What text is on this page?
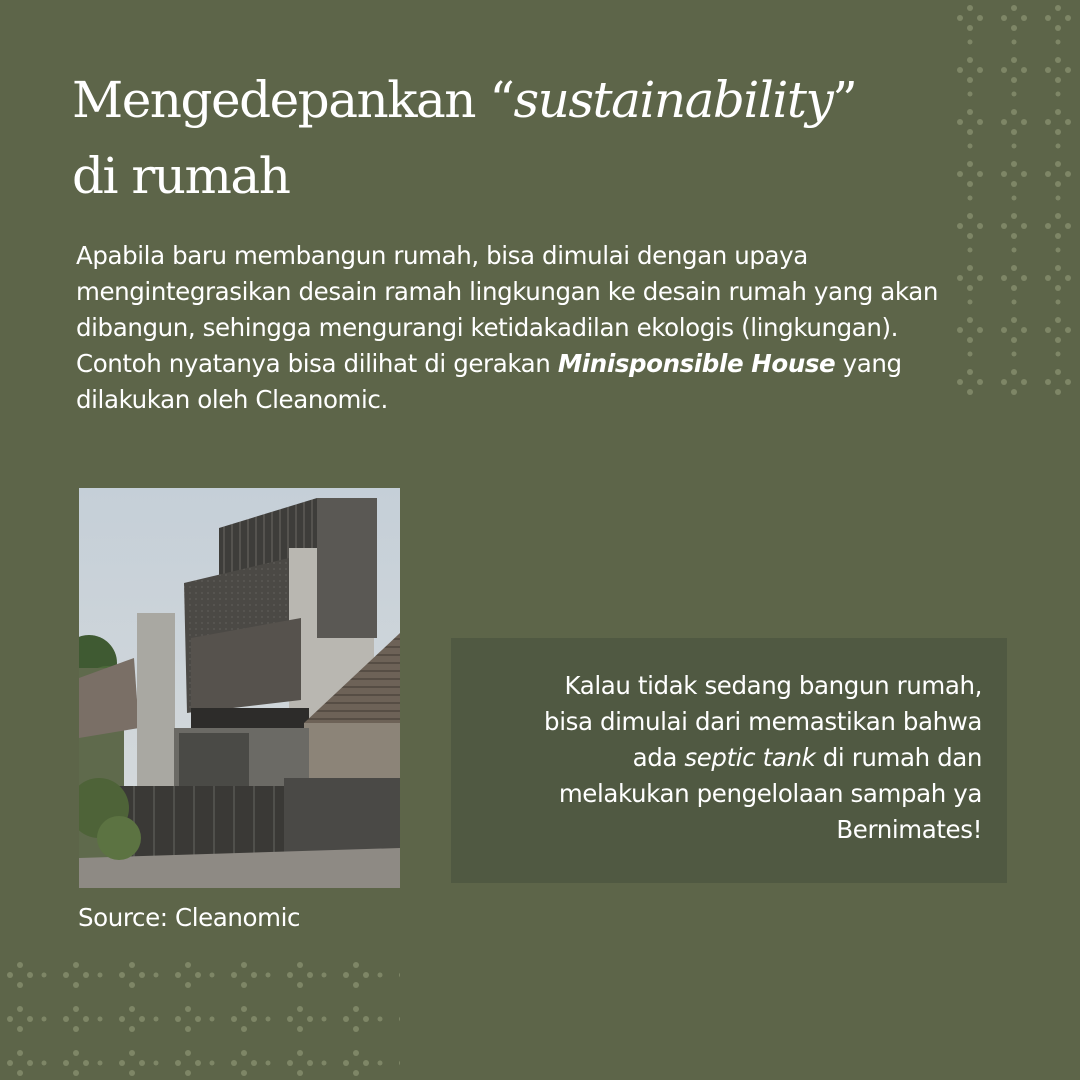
Mengedepankan “sustainability”
di rumah

Apabila baru membangun rumah, bisa dimulai dengan upaya mengintegrasikan desain ramah lingkungan ke desain rumah yang akan dibangun, sehingga mengurangi ketidakadilan ekologis (lingkungan).

Contoh nyatanya bisa dilihat di gerakan Minisponsible House yang dilakukan oleh Cleanomic.

Source: Cleanomic
Kalau tidak sedang bangun rumah,
bisa dimulai dari memastikan bahwa
ada septic tank di rumah dan
melakukan pengelolaan sampah ya
Bernimates!
